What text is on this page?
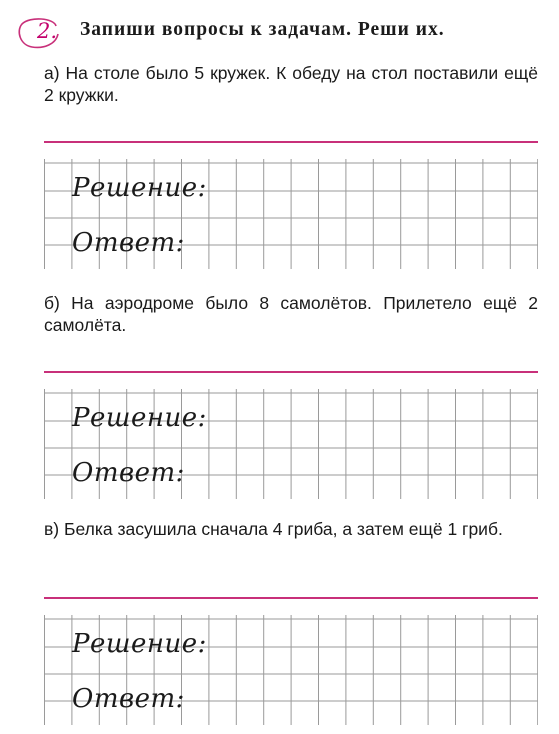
2. Запиши вопросы к задачам. Реши их.
а) На столе было 5 кружек. К обеду на стол поставили ещё 2 кружки.
Решение:
Ответ:
б) На аэродроме было 8 самолётов. Прилетело ещё 2 самолёта.
Решение:
Ответ:
в) Белка засушила сначала 4 гриба, а затем ещё 1 гриб.
Решение:
Ответ:
